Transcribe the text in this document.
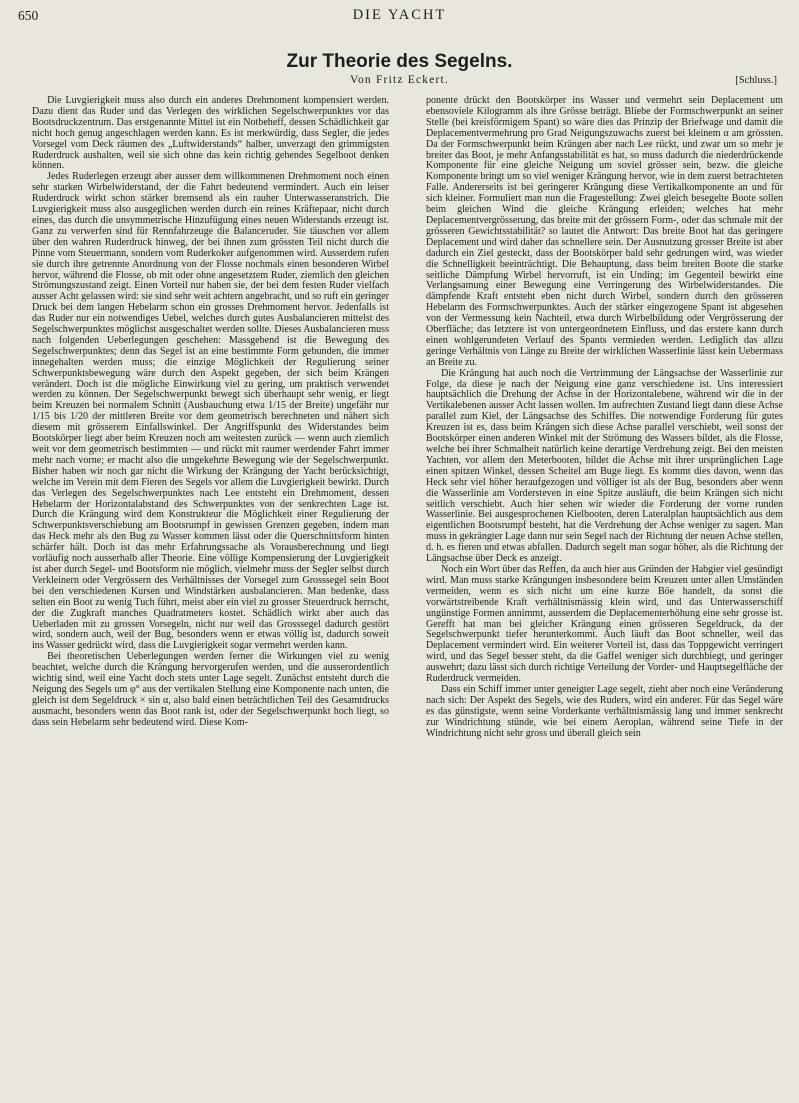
650	DIE YACHT
Zur Theorie des Segelns.
Von Fritz Eckert.	[Schluss.]

Die Luvgierigkeit muss also durch ein anderes Drehmoment kompensiert werden. Dazu dient das Ruder und das Verlegen des wirklichen Segelschwerpunktes vor das Bootsdruckzentrum. Das erstgenannte Mittel ist ein Notbeheff, dessen Schädlichkeit gar nicht hoch genug angeschlagen werden kann. Es ist merkwürdig, dass Segler, die jedes Vorsegel vom Deck räumen des „Luftwiderstands“ halber, unverzagt den grimmigsten Ruderdruck aushalten, weil sie sich ohne das kein richtig gehendes Segelboot denken können.

Jedes Ruderlegen erzeugt aber ausser dem willkommenen Drehmoment noch einen sehr starken Wirbelwiderstand, der die Fahrt bedeutend vermindert. Auch ein leiser Ruderdruck wirkt schon stärker bremsend als ein rauher Unterwasseranstrich. Die Luvgierigkeit muss also ausgeglichen werden durch ein reines Kräftepaar, nicht durch eines, das durch die unsymmetrische Hinzufügung eines neuen Widerstands erzeugt ist. Ganz zu verwerfen sind für Rennfahrzeuge die Balanceruder. Sie täuschen vor allem über den wahren Ruderdruck hinweg, der bei ihnen zum grössten Teil nicht durch die Pinne vom Steuermann, sondern vom Ruderkoker aufgenommen wird. Ausserdem rufen sie durch ihre getrennte Anordnung von der Flosse nochmals einen besonderen Wirbel hervor, während die Flosse, ob mit oder ohne angesetztem Ruder, ziemlich den gleichen Strömungszustand zeigt. Einen Vorteil nur haben sie, der bei dem festen Ruder vielfach ausser Acht gelassen wird: sie sind sehr weit achtern angebracht, und so ruft ein geringer Druck bei dem langen Hebelarm schon ein grosses Drehmoment hervor. Jedenfalls ist das Ruder nur ein notwendiges Uebel, welches durch gutes Ausbalancieren mittelst des Segelschwerpunktes möglichst ausgeschaltet werden sollte. Dieses Ausbalancieren muss nach folgenden Ueberlegungen geschehen: Massgebend ist die Bewegung des Segelschwerpunktes; denn das Segel ist an eine bestimmte Form gebunden, die immer innegehalten werden muss; die einzige Möglichkeit der Regulierung seiner Schwerpunktsbewegung wäre durch den Aspekt gegeben, der sich beim Krängen verändert. Doch ist die mögliche Einwirkung viel zu gering, um praktisch verwendet werden zu können. Der Segelschwerpunkt bewegt sich überhaupt sehr wenig, er liegt beim Kreuzen bei normalem Schnitt (Ausbauchung etwa 1/15 der Breite) ungefähr nur 1/15 bis 1/20 der mittleren Breite vor dem geometrisch berechneten und nähert sich diesem mit grösserem Einfallswinkel. Der Angriffspunkt des Widerstandes beim Bootskörper liegt aber beim Kreuzen noch am weitesten zurück — wenn auch ziemlich weit vor dem geometrisch bestimmten — und rückt mit raumer werdender Fahrt immer mehr nach vorne; er macht also die umgekehrte Bewegung wie der Segelschwerpunkt. Bisher haben wir noch gar nicht die Wirkung der Krängung der Yacht berücksichtigt, welche im Verein mit dem Fieren des Segels vor allem die Luvgierigkeit bewirkt. Durch das Verlegen des Segelschwerpunktes nach Lee entsteht ein Drehmoment, dessen Hebelarm der Horizontalabstand des Schwerpunktes von der senkrechten Lage ist. Durch die Krängung wird dem Konstrukteur die Möglichkeit einer Regulierung der Schwerpunktsverschiebung am Bootsrumpf in gewissen Grenzen gegeben, indem man das Heck mehr als den Bug zu Wasser kommen lässt oder die Querschnittsform hinten schärfer hält. Doch ist das mehr Erfahrungssache als Vorausberechnung und liegt vorläufig noch ausserhalb aller Theorie. Eine völlige Kompensierung der Luvgierigkeit ist aber durch Segel- und Bootsform nie möglich, vielmehr muss der Segler selbst durch Verkleinern oder Vergrössern des Verhältnisses der Vorsegel zum Grosssegel sein Boot bei den verschiedenen Kursen und Windstärken ausbalancieren. Man bedenke, dass selten ein Boot zu wenig Tuch führt, meist aber ein viel zu grosser Steuerdruck herrscht, der die Zugkraft manches Quadratmeters kostet. Schädlich wirkt aber auch das Ueberladen mit zu grossen Vorsegeln, nicht nur weil das Grosssegel dadurch gestört wird, sondern auch, weil der Bug, besonders wenn er etwas völlig ist, dadurch soweit ins Wasser gedrückt wird, dass die Luvgierigkeit sogar vermehrt werden kann.

Bei theoretischen Ueberlegungen werden ferner die Wirkungen viel zu wenig beachtet, welche durch die Krängung hervorgerufen werden, und die ausserordentlich wichtig sind, weil eine Yacht doch stets unter Lage segelt. Zunächst entsteht durch die Neigung des Segels um φ° aus der vertikalen Stellung eine Komponente nach unten, die gleich ist dem Segeldruck × sin α, also bald einen beträchtlichen Teil des Gesamtdrucks ausmacht, besonders wenn das Boot rank ist, oder der Segelschwerpunkt hoch liegt, so dass sein Hebelarm sehr bedeutend wird. Diese Kom-

ponente drückt den Bootskörper ins Wasser und vermehrt sein Deplacement um ebensoviele Kilogramm als ihre Grösse beträgt. Bliebe der Formschwerpunkt an seiner Stelle (bei kreisförmigem Spant) so wäre dies das Prinzip der Briefwage und damit die Deplacementvermehrung pro Grad Neigungszuwachs zuerst bei kleinem α am grössten. Da der Formschwerpunkt beim Krängen aber nach Lee rückt, und zwar um so mehr je breiter das Boot, je mehr Anfangsstabilität es hat, so muss dadurch die niederdrückende Komponente für eine gleiche Neigung um soviel grösser sein, bezw. die gleiche Komponente bringt um so viel weniger Krängung hervor, wie in dem zuerst betrachteten Falle. Andererseits ist bei geringerer Krängung diese Vertikalkomponente an und für sich kleiner. Formuliert man nun die Fragestellung: Zwei gleich besegelte Boote sollen beim gleichen Wind die gleiche Krängung erleiden; welches hat mehr Deplacementvergrösserung, das breite mit der grössern Form-, oder das schmale mit der grösseren Gewichtsstabilität? so lautet die Antwort: Das breite Boot hat das geringere Deplacement und wird daher das schnellere sein. Der Ausnutzung grosser Breite ist aber dadurch ein Ziel gesteckt, dass der Bootskörper bald sehr gedrungen wird, was wieder die Schnelligkeit beeinträchtigt. Die Behauptung, dass beim breiten Boote die starke seitliche Dämpfung Wirbel hervorruft, ist ein Unding; im Gegenteil bewirkt eine Verlangsamung einer Bewegung eine Verringerung des Wirbelwiderstandes. Die dämpfende Kraft entsteht eben nicht durch Wirbel, sondern durch den grösseren Hebelarm des Formschwerpunktes. Auch der stärker eingezogene Spant ist abgesehen von der Vermessung kein Nachteil, etwa durch Wirbelbildung oder Vergrösserung der Oberfläche; das letztere ist von untergeordnetem Einfluss, und das erstere kann durch einen wohlgerundeten Verlauf des Spants vermieden werden. Lediglich das allzu geringe Verhältnis von Länge zu Breite der wirklichen Wasserlinie lässt kein Uebermass an Breite zu.

Die Krängung hat auch noch die Vertrimmung der Längsachse der Wasserlinie zur Folge, da diese je nach der Neigung eine ganz verschiedene ist. Uns interessiert hauptsächlich die Drehung der Achse in der Horizontalebene, während wir die in der Vertikalebenen ausser Acht lassen wollen. Im aufrechten Zustand liegt dann diese Achse parallel zum Kiel, der Längsachse des Schiffes. Die notwendige Forderung für gutes Kreuzen ist es, dass beim Krängen sich diese Achse parallel verschiebt, weil sonst der Bootskörper einen anderen Winkel mit der Strömung des Wassers bildet, als die Flosse, welche bei ihrer Schmalheit natürlich keine derartige Verdrehung zeigt. Bei den meisten Yachten, vor allem den Meterbooten, bildet die Achse mit ihrer ursprünglichen Lage einen spitzen Winkel, dessen Scheitel am Buge liegt. Es kommt dies davon, wenn das Heck sehr viel höher heraufgezogen und völliger ist als der Bug, besonders aber wenn die Wasserlinie am Vordersteven in eine Spitze ausläuft, die beim Krängen sich nicht seitlich verschiebt. Auch hier sehen wir wieder die Forderung der vorne runden Wasserlinie. Bei ausgesprochenen Kielbooten, deren Lateralplan hauptsächlich aus dem eigentlichen Bootsrumpf besteht, hat die Verdrehung der Achse weniger zu sagen. Man muss in gekrängter Lage dann nur sein Segel nach der Richtung der neuen Achse stellen, d. h. es fieren und etwas abfallen. Dadurch segelt man sogar höher, als die Richtung der Längsachse über Deck es anzeigt.

Noch ein Wort über das Reffen, da auch hier aus Gründen der Habgier viel gesündigt wird. Man muss starke Krängungen insbesondere beim Kreuzen unter allen Umständen vermeiden, wenn es sich nicht um eine kurze Böe handelt, da sonst die vorwärtstreibende Kraft verhältnismässig klein wird, und das Unterwasserschiff ungünstige Formen annimmt, ausserdem die Deplacementerhöhung eine sehr grosse ist. Gerefft hat man bei gleicher Krängung einen grösseren Segeldruck, da der Segelschwerpunkt tiefer herunterkommt. Auch läuft das Boot schneller, weil das Deplacement vermindert wird. Ein weiterer Vorteil ist, dass das Toppgewicht verringert wird, und das Segel besser steht, da die Gaffel weniger sich durchbiegt, und geringer auswehrt; dazu lässt sich durch richtige Verteilung der Vorder- und Hauptsegelfläche der Ruderdruck vermeiden.

Dass ein Schiff immer unter geneigter Lage segelt, zieht aber noch eine Veränderung nach sich: Der Aspekt des Segels, wie des Ruders, wird ein anderer. Für das Segel wäre es das günstigste, wenn seine Vorderkante verhältnismässig lang und immer senkrecht zur Windrichtung stünde, wie bei einem Aeroplan, während seine Tiefe in der Windrichtung nicht sehr gross und überall gleich sein
